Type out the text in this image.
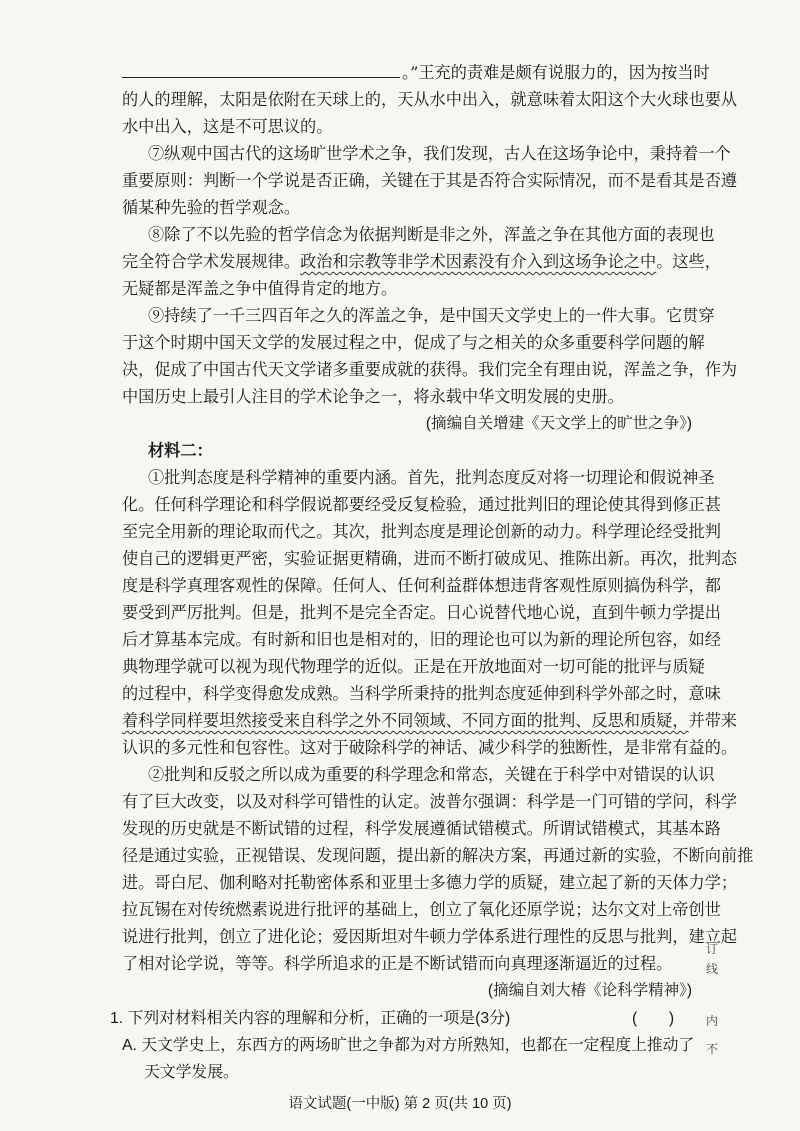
。”王充的责难是颇有说服力的，因为按当时
的人的理解，太阳是依附在天球上的，天从水中出入，就意味着太阳这个大火球也要从
水中出入，这是不可思议的。
⑦纵观中国古代的这场旷世学术之争，我们发现，古人在这场争论中，秉持着一个
重要原则：判断一个学说是否正确，关键在于其是否符合实际情况，而不是看其是否遵
循某种先验的哲学观念。
⑧除了不以先验的哲学信念为依据判断是非之外，浑盖之争在其他方面的表现也
完全符合学术发展规律。政治和宗教等非学术因素没有介入到这场争论之中。这些，
无疑都是浑盖之争中值得肯定的地方。
⑨持续了一千三四百年之久的浑盖之争，是中国天文学史上的一件大事。它贯穿
于这个时期中国天文学的发展过程之中，促成了与之相关的众多重要科学问题的解
决，促成了中国古代天文学诸多重要成就的获得。我们完全有理由说，浑盖之争，作为
中国历史上最引人注目的学术论争之一，将永载中华文明发展的史册。
(摘编自关增建《天文学上的旷世之争》)
材料二：
①批判态度是科学精神的重要内涵。首先，批判态度反对将一切理论和假说神圣
化。任何科学理论和科学假说都要经受反复检验，通过批判旧的理论使其得到修正甚
至完全用新的理论取而代之。其次，批判态度是理论创新的动力。科学理论经受批判
使自己的逻辑更严密，实验证据更精确，进而不断打破成见、推陈出新。再次，批判态
度是科学真理客观性的保障。任何人、任何利益群体想违背客观性原则搞伪科学，都
要受到严厉批判。但是，批判不是完全否定。日心说替代地心说，直到牛顿力学提出
后才算基本完成。有时新和旧也是相对的，旧的理论也可以为新的理论所包容，如经
典物理学就可以视为现代物理学的近似。正是在开放地面对一切可能的批评与质疑
的过程中，科学变得愈发成熟。当科学所秉持的批判态度延伸到科学外部之时，意味
着科学同样要坦然接受来自科学之外不同领域、不同方面的批判、反思和质疑，并带来
认识的多元性和包容性。这对于破除科学的神话、减少科学的独断性，是非常有益的。
②批判和反驳之所以成为重要的科学理念和常态，关键在于科学中对错误的认识
有了巨大改变，以及对科学可错性的认定。波普尔强调：科学是一门可错的学问，科学
发现的历史就是不断试错的过程，科学发展遵循试错模式。所谓试错模式，其基本路
径是通过实验，正视错误、发现问题，提出新的解决方案，再通过新的实验，不断向前推
进。哥白尼、伽利略对托勒密体系和亚里士多德力学的质疑，建立起了新的天体力学；
拉瓦锡在对传统燃素说进行批评的基础上，创立了氧化还原学说；达尔文对上帝创世
说进行批判，创立了进化论；爱因斯坦对牛顿力学体系进行理性的反思与批判，建立起
了相对论学说，等等。科学所追求的正是不断试错而向真理逐渐逼近的过程。
(摘编自刘大椿《论科学精神》)
1. 下列对材料相关内容的理解和分析，正确的一项是(3分)	(　　)
A. 天文学史上，东西方的两场旷世之争都为对方所熟知，也都在一定程度上推动了
天文学发展。
语文试题(一中版) 第 2 页(共 10 页)
订
线
内
不
